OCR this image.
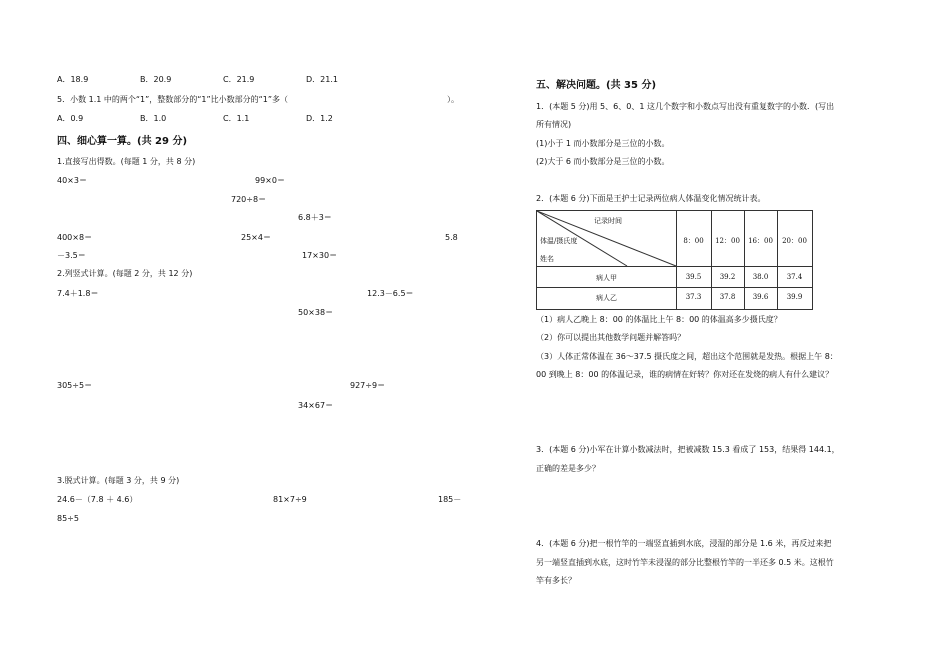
A．18.9	B．20.9	C．21.9	D．21.1
5．小数 1.1 中的两个“1”，整数部分的“1”比小数部分的“1”多（	）。
A．0.9	B．1.0	C．1.1	D．1.2
四、细心算一算。(共 29 分)
1.直接写出得数。(每题 1 分，共 8 分)
40×3＝	99×0＝
720÷8＝
6.8＋3＝
400×8＝	25×4＝	5.8
－3.5＝	17×30＝
2.列竖式计算。(每题 2 分，共 12 分)
7.4＋1.8＝	12.3－6.5＝
50×38＝
305÷5＝	927÷9＝
34×67＝
3.脱式计算。(每题 3 分，共 9 分)
24.6－（7.8 ＋ 4.6）	81×7÷9	185－
85÷5
五、解决问题。(共 35 分)
1．(本题 5 分)用 5、6、0、1 这几个数字和小数点写出没有重复数字的小数．(写出
所有情况)
(1)小于 1 而小数部分是三位的小数。
(2)大于 6 而小数部分是三位的小数。
2．(本题 6 分)下面是王护士记录两位病人体温变化情况统计表。
记录时间
体温/摄氏度
姓名
8：00	12：00	16：00	20：00
病人甲	39.5	39.2	38.0	37.4
病人乙	37.3	37.8	39.6	39.9
（1）病人乙晚上 8：00 的体温比上午 8：00 的体温高多少摄氏度？
（2）你可以提出其他数学问题并解答吗？
（3）人体正常体温在 36～37.5 摄氏度之间，超出这个范围就是发热。根据上午 8：
00 到晚上 8：00 的体温记录，谁的病情在好转？你对还在发烧的病人有什么建议？
3．(本题 6 分)小军在计算小数减法时，把被减数 15.3 看成了 153，结果得 144.1，
正确的差是多少？
4．(本题 6 分)把一根竹竿的一端竖直插到水底，浸湿的部分是 1.6 米，再反过来把
另一端竖直插到水底，这时竹竿未浸湿的部分比整根竹竿的一半还多 0.5 米。这根竹
竿有多长？
